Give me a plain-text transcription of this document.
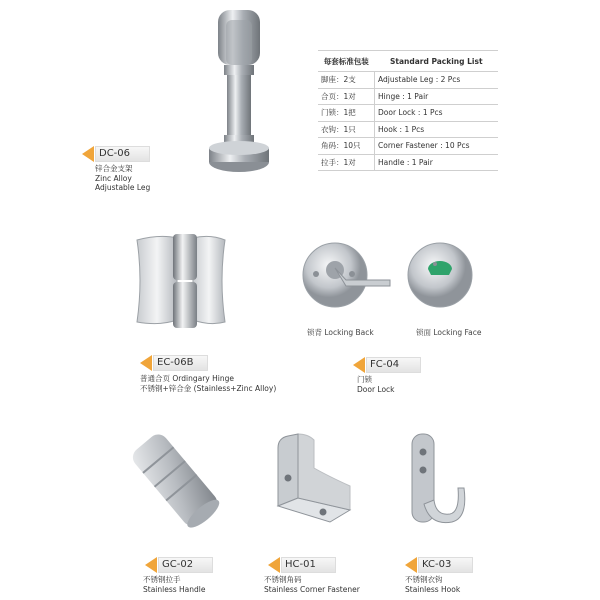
DC-06
锌合金支架
Zinc Alloy
Adjustable Leg
每套标准包装	Standard Packing List
脚座：2支	Adjustable Leg : 2 Pcs
合页：1对	Hinge : 1 Pair
门锁：1把	Door Lock : 1 Pcs
衣钩：1只	Hook : 1 Pcs
角码：10只	Corner Fastener : 10 Pcs
拉手：1对	Handle : 1 Pair
EC-06B
普通合页 Ordingary Hinge
不锈钢+锌合金 (Stainless+Zinc Alloy)
锁背 Locking Back	锁面 Locking Face
FC-04
门锁
Door Lock
GC-02
不锈钢拉手
Stainless Handle
HC-01
不锈钢角码
Stainless Corner Fastener
KC-03
不锈钢衣钩
Stainless Hook
